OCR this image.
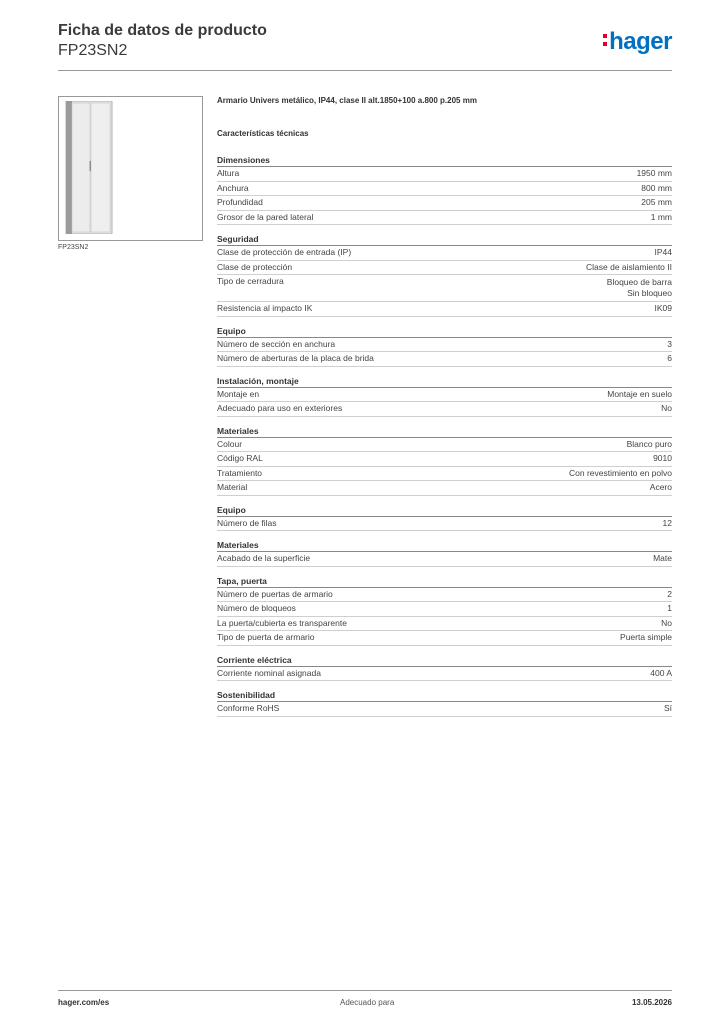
Ficha de datos de producto
FP23SN2	hager
FP23SN2
Armario Univers metálico, IP44, clase II alt.1850+100 a.800 p.205 mm
Características técnicas
Dimensiones
Altura	1950 mm
Anchura	800 mm
Profundidad	205 mm
Grosor de la pared lateral	1 mm
Seguridad
Clase de protección de entrada (IP)	IP44
Clase de protección	Clase de aislamiento II
Tipo de cerradura	Bloqueo de barra
Sin bloqueo
Resistencia al impacto IK	IK09
Equipo
Número de sección en anchura	3
Número de aberturas de la placa de brida	6
Instalación, montaje
Montaje en	Montaje en suelo
Adecuado para uso en exteriores	No
Materiales
Colour	Blanco puro
Código RAL	9010
Tratamiento	Con revestimiento en polvo
Material	Acero
Equipo
Número de filas	12
Materiales
Acabado de la superficie	Mate
Tapa, puerta
Número de puertas de armario	2
Número de bloqueos	1
La puerta/cubierta es transparente	No
Tipo de puerta de armario	Puerta simple
Corriente eléctrica
Corriente nominal asignada	400 A
Sostenibilidad
Conforme RoHS	Sí
hager.com/es	Adecuado para	13.05.2026
